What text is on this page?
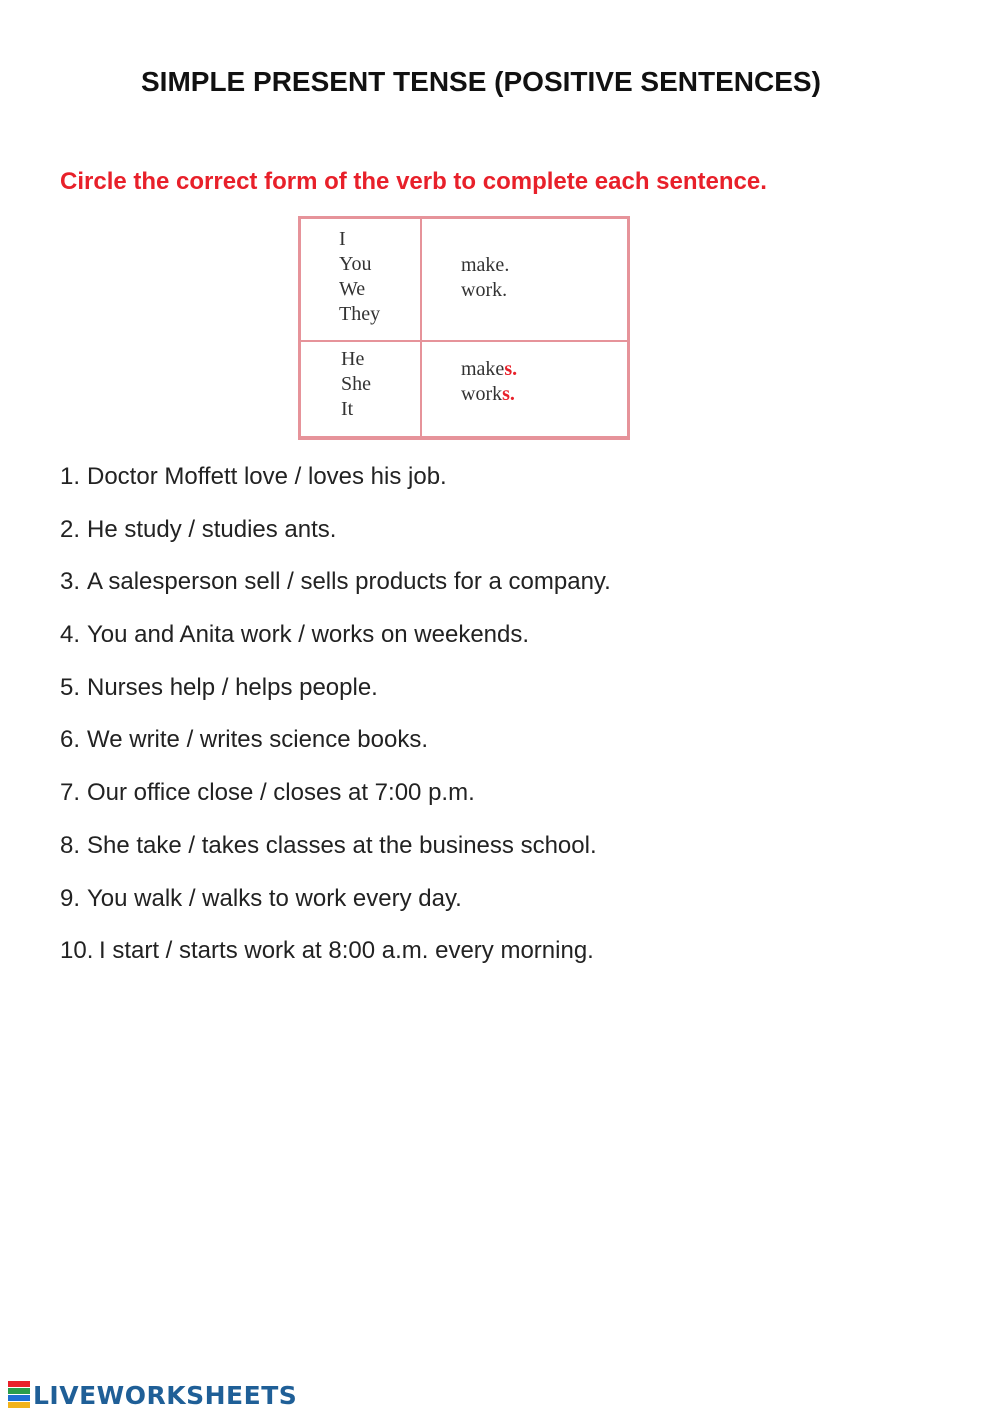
SIMPLE PRESENT TENSE (POSITIVE SENTENCES)
Circle the correct form of the verb to complete each sentence.
I
You
We
They
make.
work.
He
She
It
makes.
works.
1. Doctor Moffett love / loves his job.
2. He study / studies ants.
3. A salesperson sell / sells products for a company.
4. You and Anita work / works on weekends.
5. Nurses help / helps people.
6. We write / writes science books.
7. Our office close / closes at 7:00 p.m.
8. She take / takes classes at the business school.
9. You walk / walks to work every day.
10. I start / starts work at 8:00 a.m. every morning.
LIVEWORKSHEETS
